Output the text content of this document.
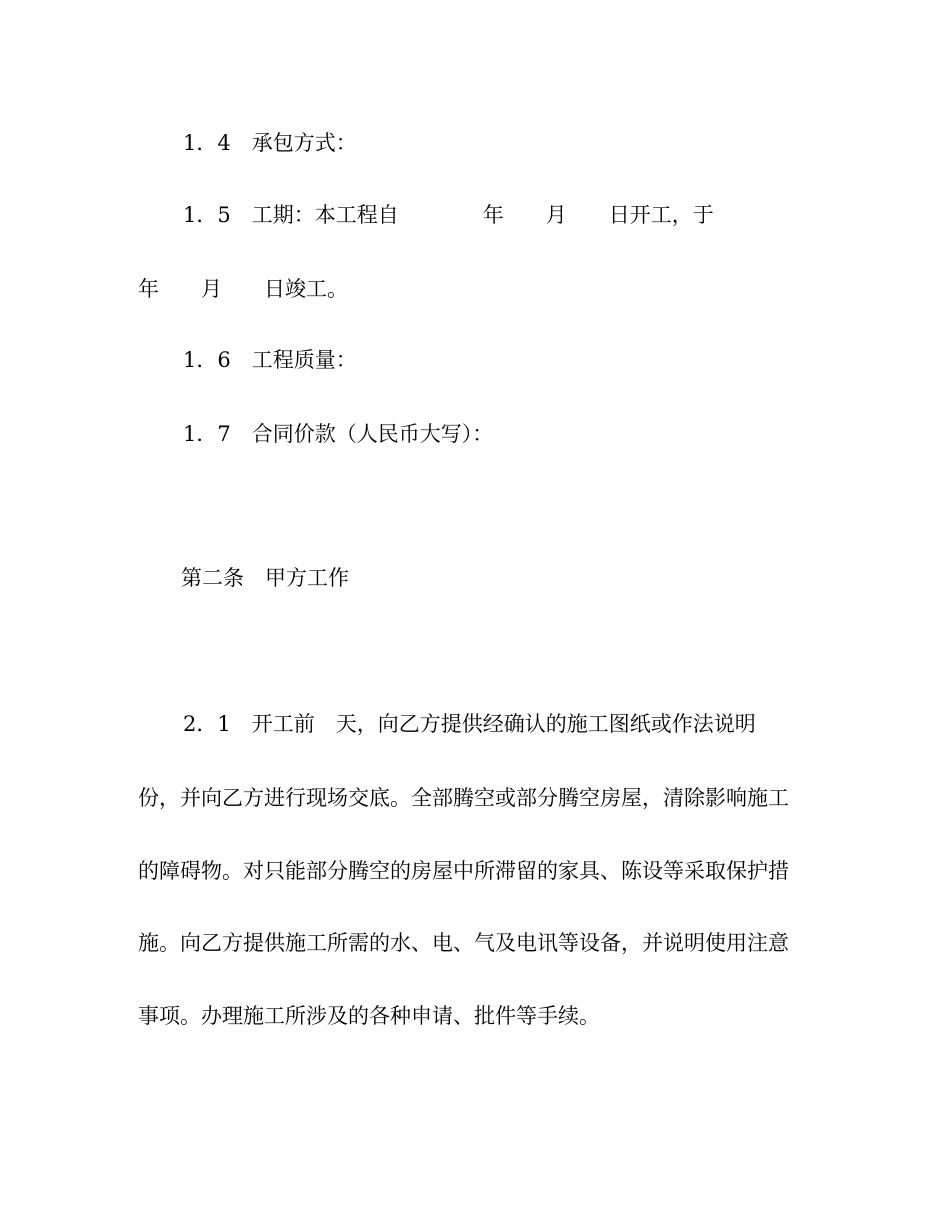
1．4　承包方式：
1．5　工期：本工程自　　　　年　　月　　日开工，于
年　　月　　日竣工。
1．6　工程质量：
1．7　合同价款（人民币大写）：
第二条　甲方工作
2．1　开工前　天，向乙方提供经确认的施工图纸或作法说明
份，并向乙方进行现场交底。全部腾空或部分腾空房屋，清除影响施工
的障碍物。对只能部分腾空的房屋中所滞留的家具、陈设等采取保护措
施。向乙方提供施工所需的水、电、气及电讯等设备，并说明使用注意
事项。办理施工所涉及的各种申请、批件等手续。
